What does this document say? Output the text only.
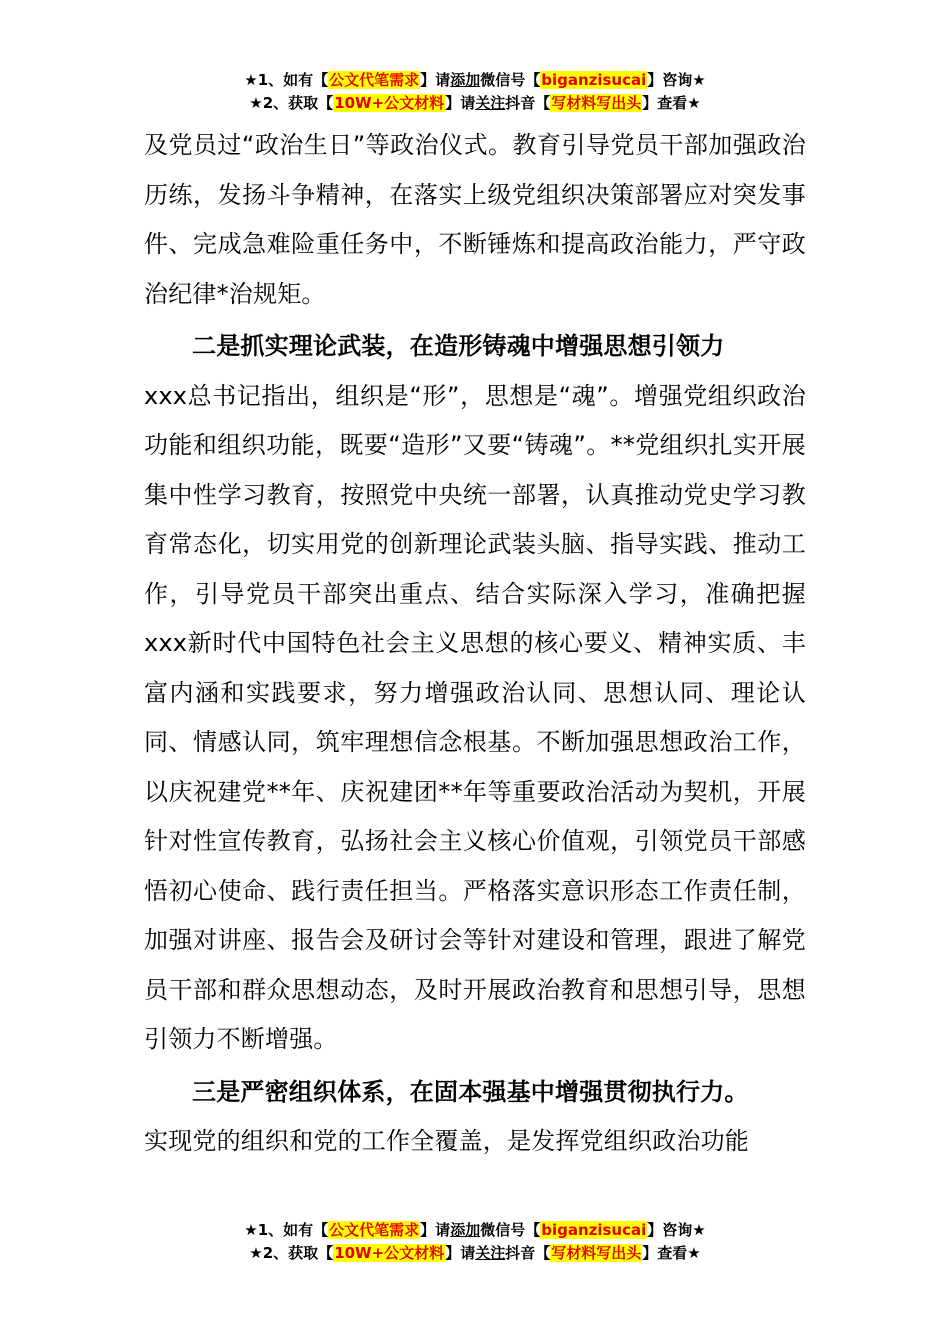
★1、如有【公文代笔需求】请添加微信号【biganzisucai】咨询★
★2、获取【10W+公文材料】请关注抖音【写材料写出头】查看★

及党员过“政治生日”等政治仪式。教育引导党员干部加强政治历练，发扬斗争精神，在落实上级党组织决策部署应对突发事件、完成急难险重任务中，不断锤炼和提高政治能力，严守政治纪律*治规矩。

二是抓实理论武装，在造形铸魂中增强思想引领力

xxx总书记指出，组织是“形”，思想是“魂”。增强党组织政治功能和组织功能，既要“造形”又要“铸魂”。**党组织扎实开展集中性学习教育，按照党中央统一部署，认真推动党史学习教育常态化，切实用党的创新理论武装头脑、指导实践、推动工作，引导党员干部突出重点、结合实际深入学习，准确把握xxx新时代中国特色社会主义思想的核心要义、精神实质、丰富内涵和实践要求，努力增强政治认同、思想认同、理论认同、情感认同，筑牢理想信念根基。不断加强思想政治工作，以庆祝建党**年、庆祝建团**年等重要政治活动为契机，开展针对性宣传教育，弘扬社会主义核心价值观，引领党员干部感悟初心使命、践行责任担当。严格落实意识形态工作责任制，加强对讲座、报告会及研讨会等针对建设和管理，跟进了解党员干部和群众思想动态，及时开展政治教育和思想引导，思想引领力不断增强。

三是严密组织体系，在固本强基中增强贯彻执行力。

实现党的组织和党的工作全覆盖，是发挥党组织政治功能

★1、如有【公文代笔需求】请添加微信号【biganzisucai】咨询★
★2、获取【10W+公文材料】请关注抖音【写材料写出头】查看★
